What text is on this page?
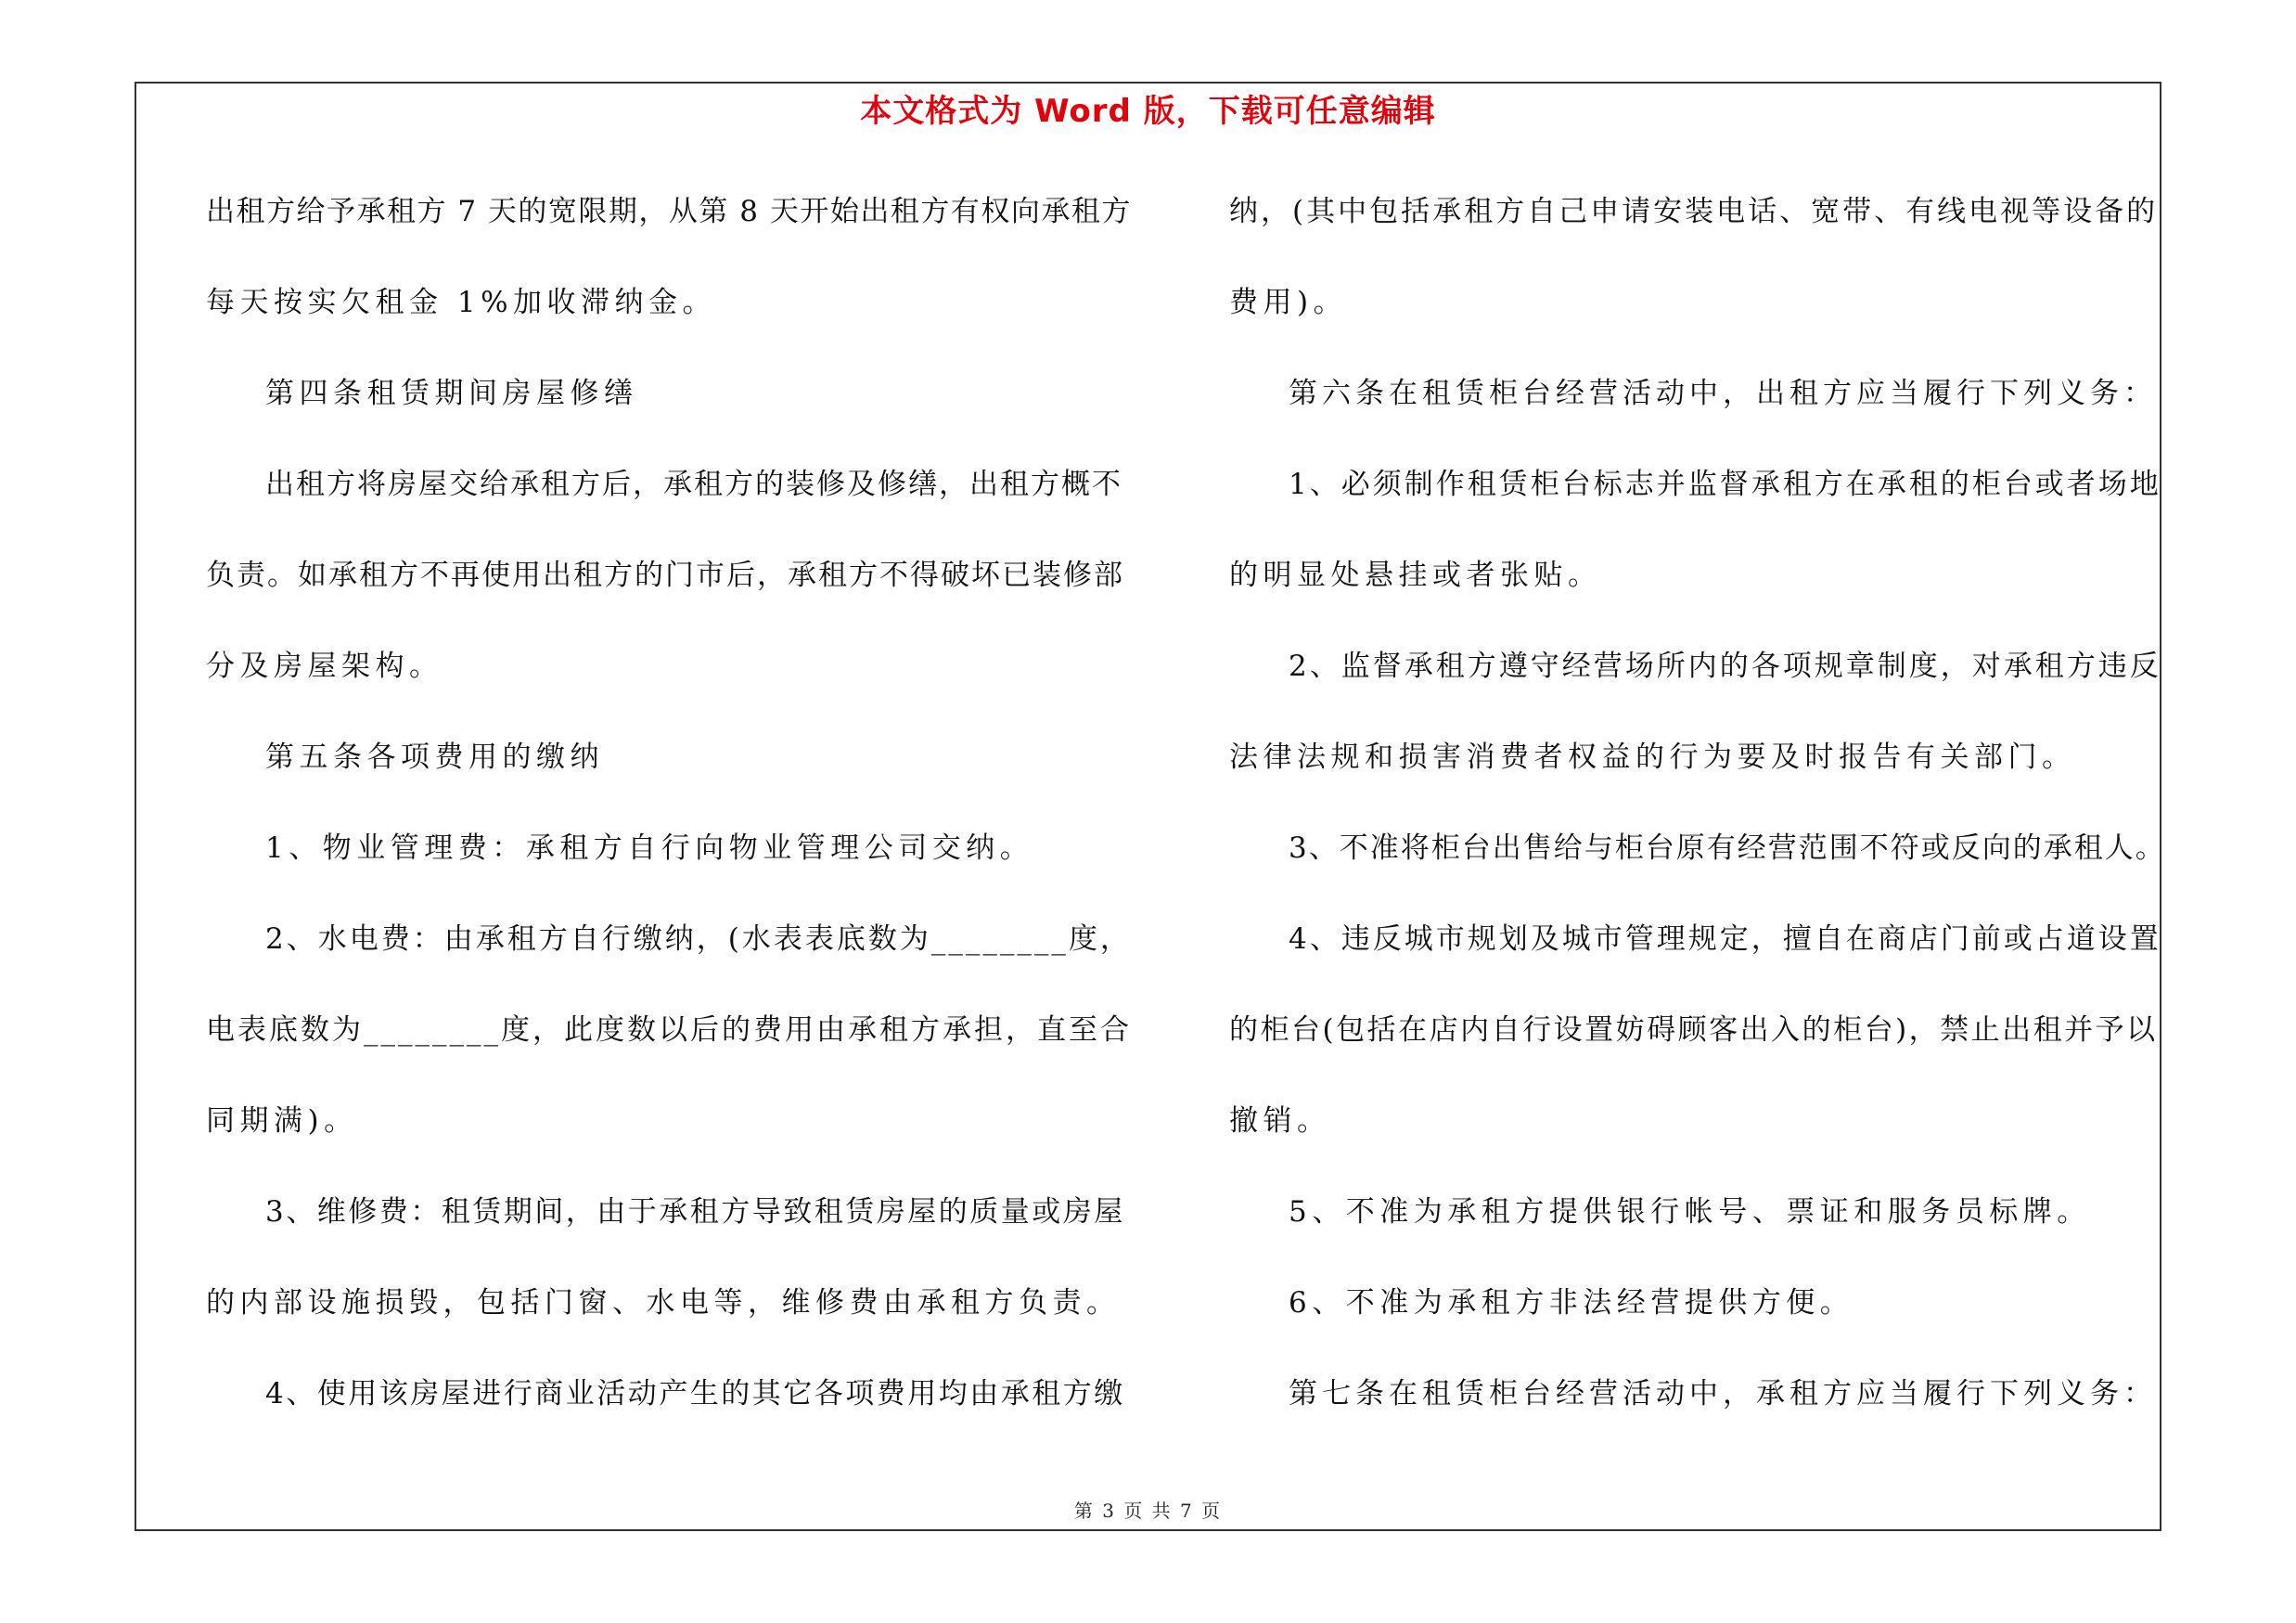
本文格式为 Word 版，下载可任意编辑
出租方给予承租方 7 天的宽限期，从第 8 天开始出租方有权向承租方
每天按实欠租金 1%加收滞纳金。
第四条租赁期间房屋修缮
出租方将房屋交给承租方后，承租方的装修及修缮，出租方概不
负责。如承租方不再使用出租方的门市后，承租方不得破坏已装修部
分及房屋架构。
第五条各项费用的缴纳
1、物业管理费：承租方自行向物业管理公司交纳。
2、水电费：由承租方自行缴纳，(水表表底数为________度，
电表底数为________度，此度数以后的费用由承租方承担，直至合
同期满)。
3、维修费：租赁期间，由于承租方导致租赁房屋的质量或房屋
的内部设施损毁，包括门窗、水电等，维修费由承租方负责。
4、使用该房屋进行商业活动产生的其它各项费用均由承租方缴
纳，(其中包括承租方自己申请安装电话、宽带、有线电视等设备的
费用)。
第六条在租赁柜台经营活动中，出租方应当履行下列义务：
1、必须制作租赁柜台标志并监督承租方在承租的柜台或者场地
的明显处悬挂或者张贴。
2、监督承租方遵守经营场所内的各项规章制度，对承租方违反
法律法规和损害消费者权益的行为要及时报告有关部门。
3、不准将柜台出售给与柜台原有经营范围不符或反向的承租人。
4、违反城市规划及城市管理规定，擅自在商店门前或占道设置
的柜台(包括在店内自行设置妨碍顾客出入的柜台)，禁止出租并予以
撤销。
5、不准为承租方提供银行帐号、票证和服务员标牌。
6、不准为承租方非法经营提供方便。
第七条在租赁柜台经营活动中，承租方应当履行下列义务：
第 3 页 共 7 页
